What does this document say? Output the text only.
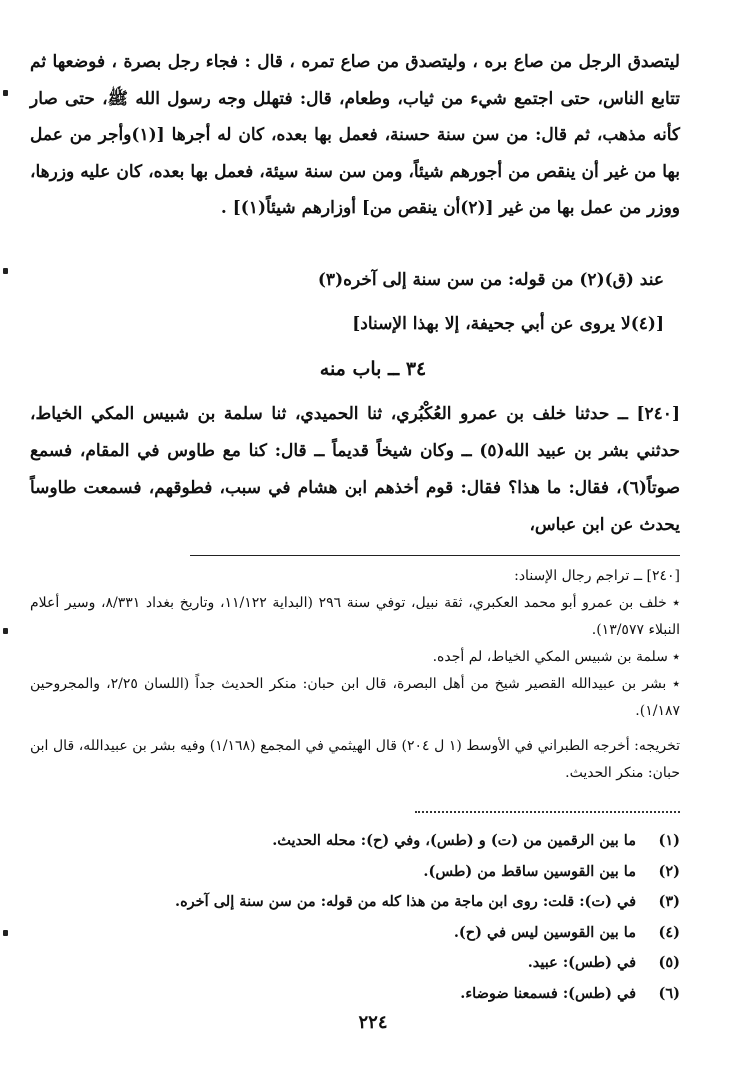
ليتصدق الرجل من صاع بره ، وليتصدق من صاع تمره ، قال : فجاء رجل بصرة ، فوضعها ثم تتابع الناس، حتى اجتمع شيء من ثياب، وطعام، قال: فتهلل وجه رسول الله ﷺ، حتى صار كأنه مذهب، ثم قال: من سن سنة حسنة، فعمل بها بعده، كان له أجرها [(١)وأجر من عمل بها من غير أن ينقص من أجورهم شيئاً، ومن سن سنة سيئة، فعمل بها بعده، كان عليه وزرها، ووزر من عمل بها من غير [(٢)أن ينقص من] أوزارهم شيئاً(١)] .

عند (ق)(٢) من قوله: من سن سنة إلى آخره(٣)
[(٤)لا يروى عن أبي جحيفة، إلا بهذا الإسناد]
٣٤ ــ باب منه
[٢٤٠] ــ حدثنا خلف بن عمرو العُكْبُري، ثنا الحميدي، ثنا سلمة بن شبيس المكي الخياط، حدثني بشر بن عبيد الله(٥) ــ وكان شيخاً قديماً ــ قال: كنا مع طاوس في المقام، فسمع صوتاً(٦)، فقال: ما هذا؟ فقال: قوم أخذهم ابن هشام في سبب، فطوقهم، فسمعت طاوساً يحدث عن ابن عباس،

[٢٤٠] ــ تراجم رجال الإسناد:

٭ خلف بن عمرو أبو محمد العكبري، ثقة نبيل، توفي سنة ٢٩٦ (البداية ١١/١٢٢، وتاريخ بغداد ٨/٣٣١، وسير أعلام النبلاء ١٣/٥٧٧).

٭ سلمة بن شبيس المكي الخياط، لم أجده.

٭ بشر بن عبيدالله القصير شيخ من أهل البصرة، قال ابن حبان: منكر الحديث جداً (اللسان ٢/٢٥، والمجروحين ١/١٨٧).

تخريجه: أخرجه الطبراني في الأوسط (١ ل ٢٠٤) قال الهيثمي في المجمع (١/١٦٨) وفيه بشر بن عبيدالله، قال ابن حبان: منكر الحديث.

(١)
ما بين الرقمين من (ت) و (طس)، وفي (ح): محله الحديث.
(٢)
ما بين القوسين ساقط من (طس).
(٣)
في (ت): قلت: روى ابن ماجة من هذا كله من قوله: من سن سنة إلى آخره.
(٤)
ما بين القوسين ليس في (ح).
(٥)
في (طس): عبيد.
(٦)
في (طس): فسمعنا ضوضاء.
٢٢٤
